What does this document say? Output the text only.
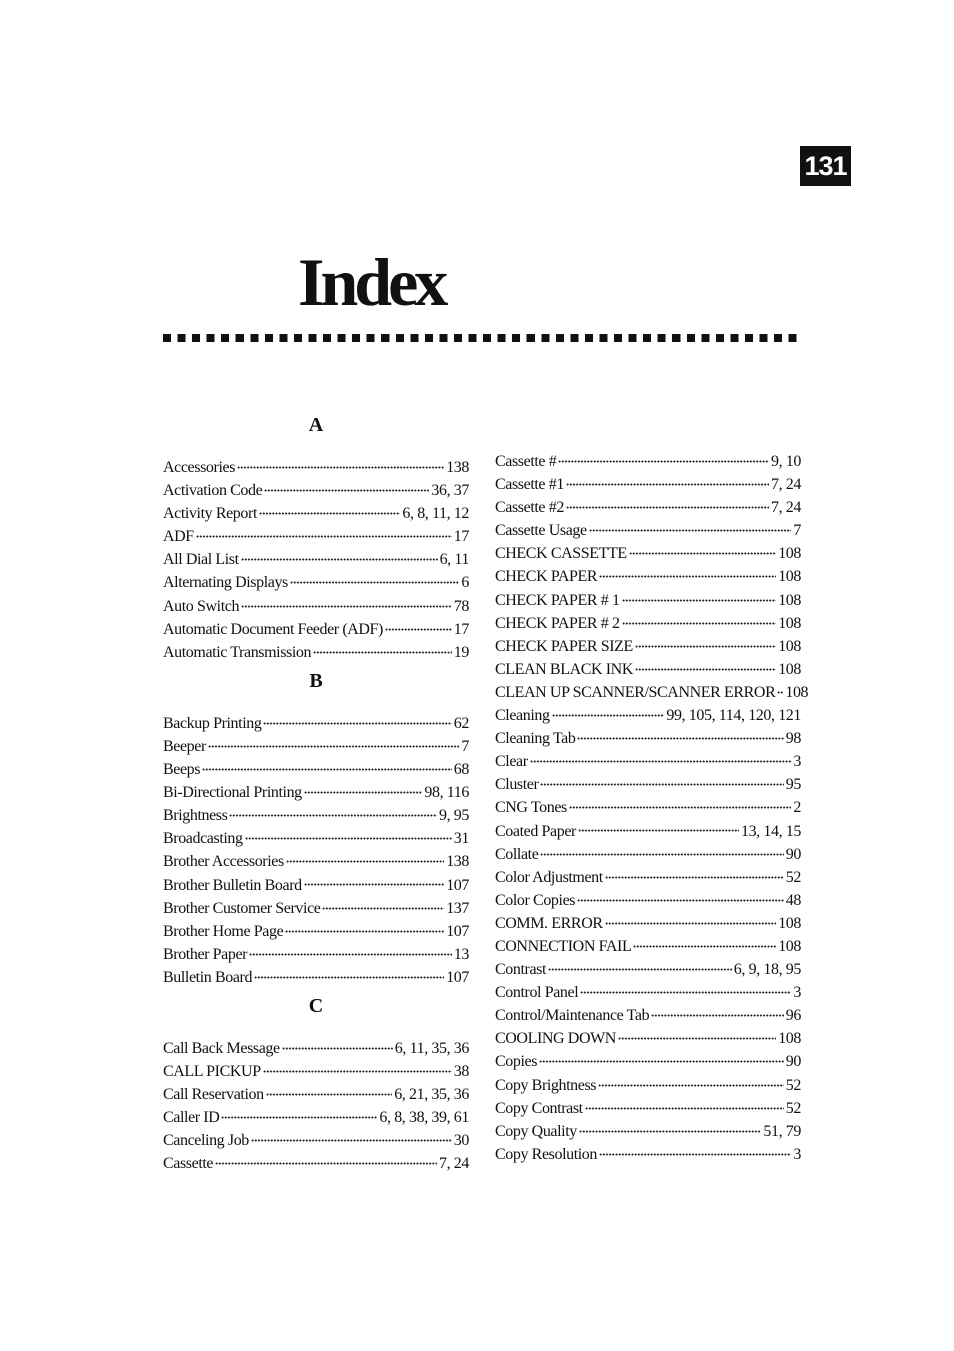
131
Index
A
Accessories	138
Activation Code	36, 37
Activity Report	6, 8, 11, 12
ADF	17
All Dial List	6, 11
Alternating Displays	6
Auto Switch	78
Automatic Document Feeder (ADF)	17
Automatic Transmission	19
B
Backup Printing	62
Beeper	7
Beeps	68
Bi-Directional Printing	98, 116
Brightness	9, 95
Broadcasting	31
Brother Accessories	138
Brother Bulletin Board	107
Brother Customer Service	137
Brother Home Page	107
Brother Paper	13
Bulletin Board	107
C
Call Back Message	6, 11, 35, 36
CALL PICKUP	38
Call Reservation	6, 21, 35, 36
Caller ID	6, 8, 38, 39, 61
Canceling Job	30
Cassette	7, 24
Cassette #	9, 10
Cassette #1	7, 24
Cassette #2	7, 24
Cassette Usage	7
CHECK CASSETTE	108
CHECK PAPER	108
CHECK PAPER # 1	108
CHECK PAPER # 2	108
CHECK PAPER SIZE	108
CLEAN BLACK INK	108
CLEAN UP SCANNER/SCANNER ERROR 108
Cleaning	99, 105, 114, 120, 121
Cleaning Tab	98
Clear	3
Cluster	95
CNG Tones	2
Coated Paper	13, 14, 15
Collate	90
Color Adjustment	52
Color Copies	48
COMM. ERROR	108
CONNECTION FAIL	108
Contrast	6, 9, 18, 95
Control Panel	3
Control/Maintenance Tab	96
COOLING DOWN	108
Copies	90
Copy Brightness	52
Copy Contrast	52
Copy Quality	51, 79
Copy Resolution	3
